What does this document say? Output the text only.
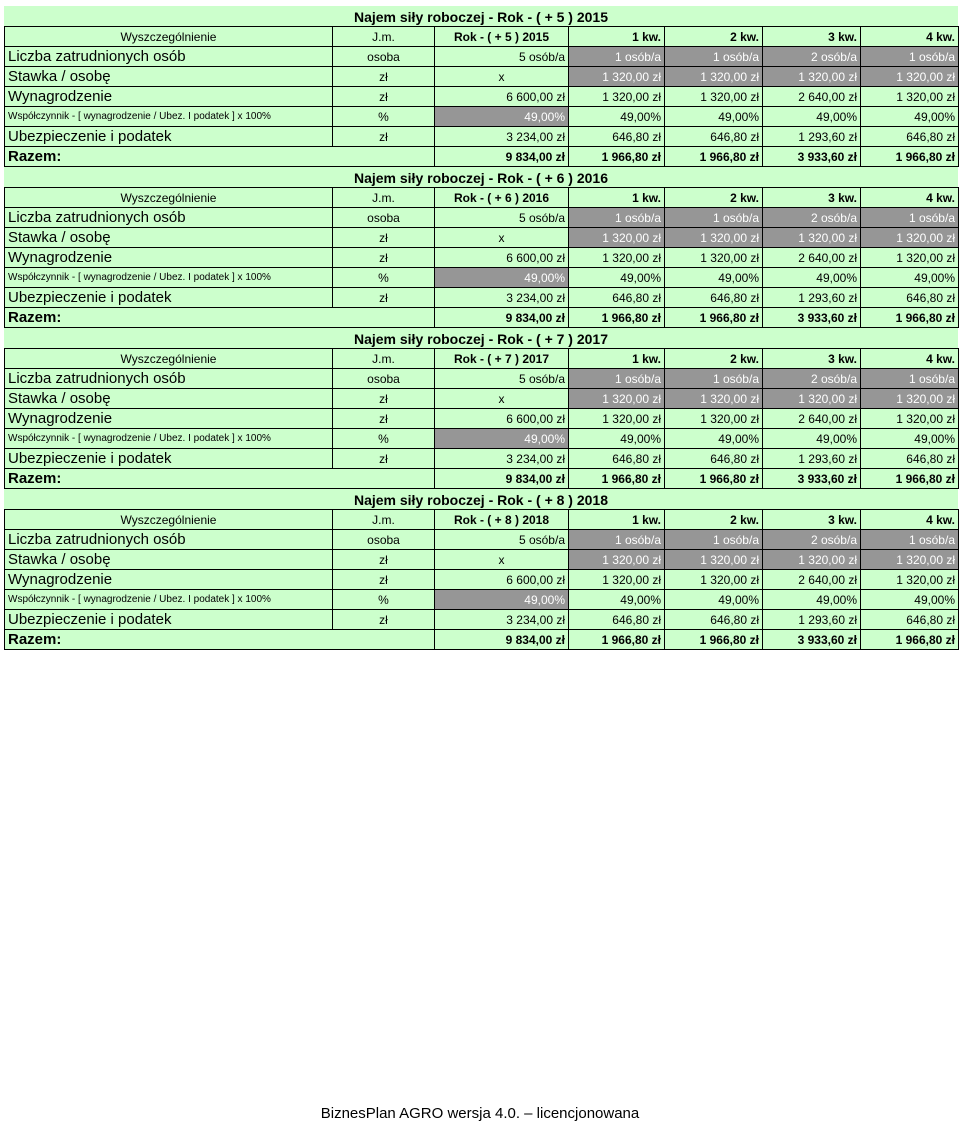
Najem siły roboczej - Rok - ( + 5 ) 2015
Wyszczególnienie	J.m.	Rok - ( + 5 ) 2015	1 kw.	2 kw.	3 kw.	4 kw.
Liczba zatrudnionych osób	osoba	5 osób/a	1 osób/a	1 osób/a	2 osób/a	1 osób/a
Stawka / osobę	zł	x	1 320,00 zł	1 320,00 zł	1 320,00 zł	1 320,00 zł
Wynagrodzenie	zł	6 600,00 zł	1 320,00 zł	1 320,00 zł	2 640,00 zł	1 320,00 zł
Współczynnik - [ wynagrodzenie / Ubez. I podatek ] x 100%	%	49,00%	49,00%	49,00%	49,00%	49,00%
Ubezpieczenie i podatek	zł	3 234,00 zł	646,80 zł	646,80 zł	1 293,60 zł	646,80 zł
Razem:		9 834,00 zł	1 966,80 zł	1 966,80 zł	3 933,60 zł	1 966,80 zł
Najem siły roboczej - Rok - ( + 6 ) 2016
Wyszczególnienie	J.m.	Rok - ( + 6 ) 2016	1 kw.	2 kw.	3 kw.	4 kw.
Liczba zatrudnionych osób	osoba	5 osób/a	1 osób/a	1 osób/a	2 osób/a	1 osób/a
Stawka / osobę	zł	x	1 320,00 zł	1 320,00 zł	1 320,00 zł	1 320,00 zł
Wynagrodzenie	zł	6 600,00 zł	1 320,00 zł	1 320,00 zł	2 640,00 zł	1 320,00 zł
Współczynnik - [ wynagrodzenie / Ubez. I podatek ] x 100%	%	49,00%	49,00%	49,00%	49,00%	49,00%
Ubezpieczenie i podatek	zł	3 234,00 zł	646,80 zł	646,80 zł	1 293,60 zł	646,80 zł
Razem:		9 834,00 zł	1 966,80 zł	1 966,80 zł	3 933,60 zł	1 966,80 zł
Najem siły roboczej - Rok - ( + 7 ) 2017
Wyszczególnienie	J.m.	Rok - ( + 7 ) 2017	1 kw.	2 kw.	3 kw.	4 kw.
Liczba zatrudnionych osób	osoba	5 osób/a	1 osób/a	1 osób/a	2 osób/a	1 osób/a
Stawka / osobę	zł	x	1 320,00 zł	1 320,00 zł	1 320,00 zł	1 320,00 zł
Wynagrodzenie	zł	6 600,00 zł	1 320,00 zł	1 320,00 zł	2 640,00 zł	1 320,00 zł
Współczynnik - [ wynagrodzenie / Ubez. I podatek ] x 100%	%	49,00%	49,00%	49,00%	49,00%	49,00%
Ubezpieczenie i podatek	zł	3 234,00 zł	646,80 zł	646,80 zł	1 293,60 zł	646,80 zł
Razem:		9 834,00 zł	1 966,80 zł	1 966,80 zł	3 933,60 zł	1 966,80 zł
Najem siły roboczej - Rok - ( + 8 ) 2018
Wyszczególnienie	J.m.	Rok - ( + 8 ) 2018	1 kw.	2 kw.	3 kw.	4 kw.
Liczba zatrudnionych osób	osoba	5 osób/a	1 osób/a	1 osób/a	2 osób/a	1 osób/a
Stawka / osobę	zł	x	1 320,00 zł	1 320,00 zł	1 320,00 zł	1 320,00 zł
Wynagrodzenie	zł	6 600,00 zł	1 320,00 zł	1 320,00 zł	2 640,00 zł	1 320,00 zł
Współczynnik - [ wynagrodzenie / Ubez. I podatek ] x 100%	%	49,00%	49,00%	49,00%	49,00%	49,00%
Ubezpieczenie i podatek	zł	3 234,00 zł	646,80 zł	646,80 zł	1 293,60 zł	646,80 zł
Razem:		9 834,00 zł	1 966,80 zł	1 966,80 zł	3 933,60 zł	1 966,80 zł
BiznesPlan AGRO wersja 4.0. – licencjonowana
